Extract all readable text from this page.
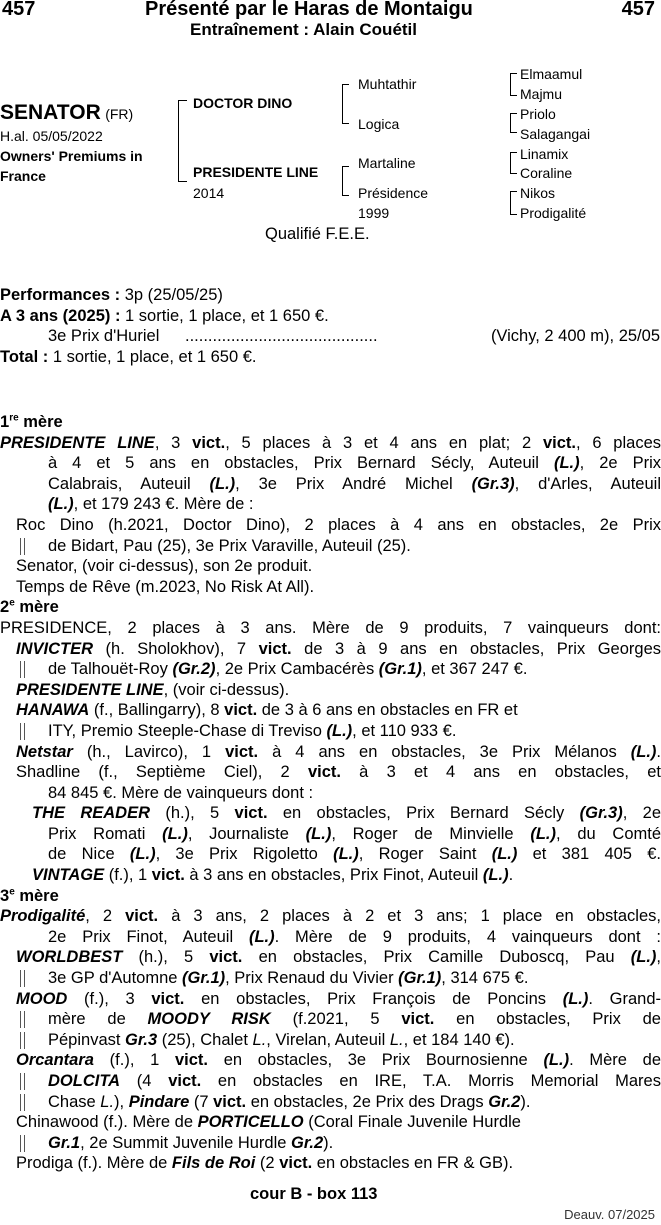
457	Présenté par le Haras de Montaigu	457
Entraînement : Alain Couétil
SENATOR (FR)
H.al. 05/05/2022
Owners' Premiums in
France
DOCTOR DINO
PRESIDENTE LINE
2014
Muhtathir
Logica
Martaline
Présidence
1999
Elmaamul
Majmu
Priolo
Salagangai
Linamix
Coraline
Nikos
Prodigalité
Qualifié F.E.E.
Performances : 3p (25/05/25)
A 3 ans (2025) : 1 sortie, 1 place, et 1 650 €.
3e Prix d'Huriel ..........................................	(Vichy, 2 400 m), 25/05
Total : 1 sortie, 1 place, et 1 650 €.
1re mère
PRESIDENTE LINE, 3 vict., 5 places à 3 et 4 ans en plat; 2 vict., 6 places
à 4 et 5 ans en obstacles, Prix Bernard Sécly, Auteuil (L.), 2e Prix
Calabrais, Auteuil (L.), 3e Prix André Michel (Gr.3), d'Arles, Auteuil
(L.), et 179 243 €. Mère de :
Roc Dino (h.2021, Doctor Dino), 2 places à 4 ans en obstacles, 2e Prix
de Bidart, Pau (25), 3e Prix Varaville, Auteuil (25).
Senator, (voir ci-dessus), son 2e produit.
Temps de Rêve (m.2023, No Risk At All).
2e mère
PRESIDENCE, 2 places à 3 ans. Mère de 9 produits, 7 vainqueurs dont:
INVICTER (h. Sholokhov), 7 vict. de 3 à 9 ans en obstacles, Prix Georges
de Talhouët-Roy (Gr.2), 2e Prix Cambacérès (Gr.1), et 367 247 €.
PRESIDENTE LINE, (voir ci-dessus).
HANAWA (f., Ballingarry), 8 vict. de 3 à 6 ans en obstacles en FR et
ITY, Premio Steeple-Chase di Treviso (L.), et 110 933 €.
Netstar (h., Lavirco), 1 vict. à 4 ans en obstacles, 3e Prix Mélanos (L.).
Shadline (f., Septième Ciel), 2 vict. à 3 et 4 ans en obstacles, et
84 845 €. Mère de vainqueurs dont :
THE READER (h.), 5 vict. en obstacles, Prix Bernard Sécly (Gr.3), 2e
Prix Romati (L.), Journaliste (L.), Roger de Minvielle (L.), du Comté
de Nice (L.), 3e Prix Rigoletto (L.), Roger Saint (L.) et 381 405 €.
VINTAGE (f.), 1 vict. à 3 ans en obstacles, Prix Finot, Auteuil (L.).
3e mère
Prodigalité, 2 vict. à 3 ans, 2 places à 2 et 3 ans; 1 place en obstacles,
2e Prix Finot, Auteuil (L.). Mère de 9 produits, 4 vainqueurs dont :
WORLDBEST (h.), 5 vict. en obstacles, Prix Camille Duboscq, Pau (L.),
3e GP d'Automne (Gr.1), Prix Renaud du Vivier (Gr.1), 314 675 €.
MOOD (f.), 3 vict. en obstacles, Prix François de Poncins (L.). Grand-
mère de MOODY RISK (f.2021, 5 vict. en obstacles, Prix de
Pépinvast Gr.3 (25), Chalet L., Virelan, Auteuil L., et 184 140 €).
Orcantara (f.), 1 vict. en obstacles, 3e Prix Bournosienne (L.). Mère de
DOLCITA (4 vict. en obstacles en IRE, T.A. Morris Memorial Mares
Chase L.), Pindare (7 vict. en obstacles, 2e Prix des Drags Gr.2).
Chinawood (f.). Mère de PORTICELLO (Coral Finale Juvenile Hurdle
Gr.1, 2e Summit Juvenile Hurdle Gr.2).
Prodiga (f.). Mère de Fils de Roi (2 vict. en obstacles en FR & GB).
cour B - box 113
Deauv. 07/2025
